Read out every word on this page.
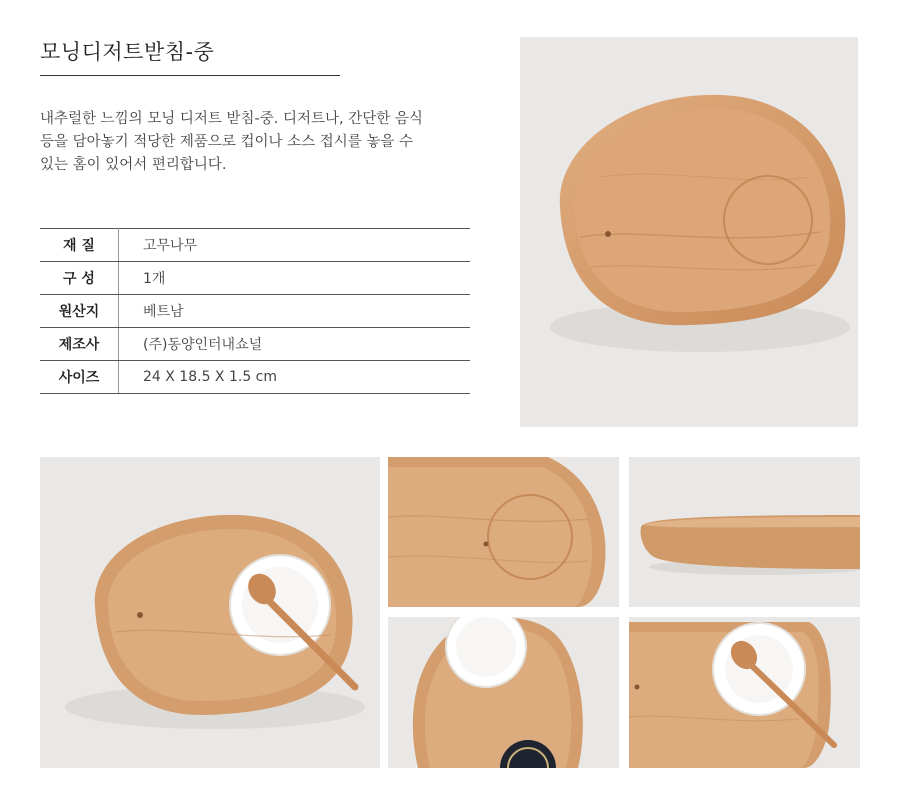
모닝디저트받침-중
내추럴한 느낌의 모닝 디저트 받침-중. 디저트나, 간단한 음식
등을 담아놓기 적당한 제품으로 컵이나 소스 접시를 놓을 수
있는 홈이 있어서 편리합니다.
재 질	고무나무
구 성	1개
원산지	베트남
제조사	(주)동양인터내쇼널
사이즈	24 X 18.5 X 1.5 cm
